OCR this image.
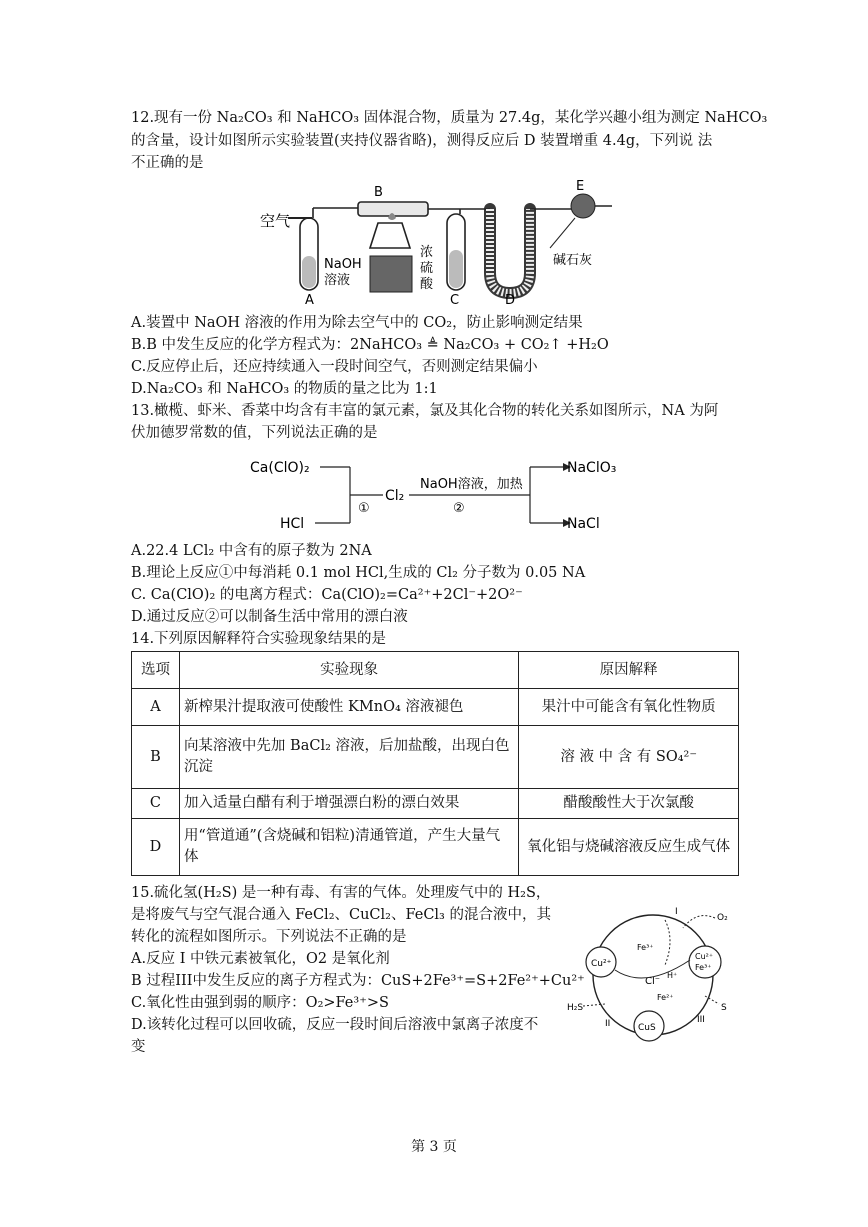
12.现有一份 Na₂CO₃ 和 NaHCO₃ 固体混合物，质量为 27.4g，某化学兴趣小组为测定 NaHCO₃
的含量，设计如图所示实验装置(夹持仪器省略)，测得反应后 D 装置增重 4.4g，下列说 法
不正确的是
空气
NaOH
溶液
A
B
浓
硫
酸
C	D
E
碱石灰
A.装置中 NaOH 溶液的作用为除去空气中的 CO₂，防止影响测定结果
B.B 中发生反应的化学方程式为：2NaHCO₃ ≜ Na₂CO₃ + CO₂↑ +H₂O
C.反应停止后，还应持续通入一段时间空气，否则测定结果偏小
D.Na₂CO₃ 和 NaHCO₃ 的物质的量之比为 1:1
13.橄榄、虾米、香菜中均含有丰富的氯元素，氯及其化合物的转化关系如图所示，NA 为阿
伏加德罗常数的值，下列说法正确的是
Ca(ClO)₂
HCl
①
Cl₂
NaOH溶液，加热
②
NaClO₃
NaCl
A.22.4 LCl₂ 中含有的原子数为 2NA
B.理论上反应①中每消耗 0.1 mol HCl,生成的 Cl₂ 分子数为 0.05 NA
C. Ca(ClO)₂ 的电离方程式：Ca(ClO)₂=Ca²⁺+2Cl⁻+2O²⁻
D.通过反应②可以制备生活中常用的漂白液
14.下列原因解释符合实验现象结果的是
选项	实验现象	原因解释
A	新榨果汁提取液可使酸性 KMnO₄ 溶液褪色	果汁中可能含有氧化性物质
B	向某溶液中先加 BaCl₂ 溶液，后加盐酸，出现白色沉淀	溶 液 中 含 有 SO₄²⁻
C	加入适量白醋有利于增强漂白粉的漂白效果	醋酸酸性大于次氯酸
D	用“管道通”(含烧碱和铝粒)清通管道，产生大量气体	氧化铝与烧碱溶液反应生成气体
15.硫化氢(H₂S) 是一种有毒、有害的气体。处理废气中的 H₂S，
是将废气与空气混合通入 FeCl₂、CuCl₂、FeCl₃ 的混合液中，其
转化的流程如图所示。下列说法不正确的是
A.反应 I 中铁元素被氧化，O2 是氧化剂
B 过程III中发生反应的离子方程式为：CuS+2Fe³⁺=S+2Fe²⁺+Cu²⁺
C.氧化性由强到弱的顺序：O₂>Fe³⁺>S
D.该转化过程可以回收硫，反应一段时间后溶液中氯离子浓度不
变
Cu²⁺
Cu²⁺
Fe³⁺
CuS
Fe³⁺
Cl⁻
H⁺
Fe²⁺
H₂S	S
O₂
I
II	III
第 3 页
